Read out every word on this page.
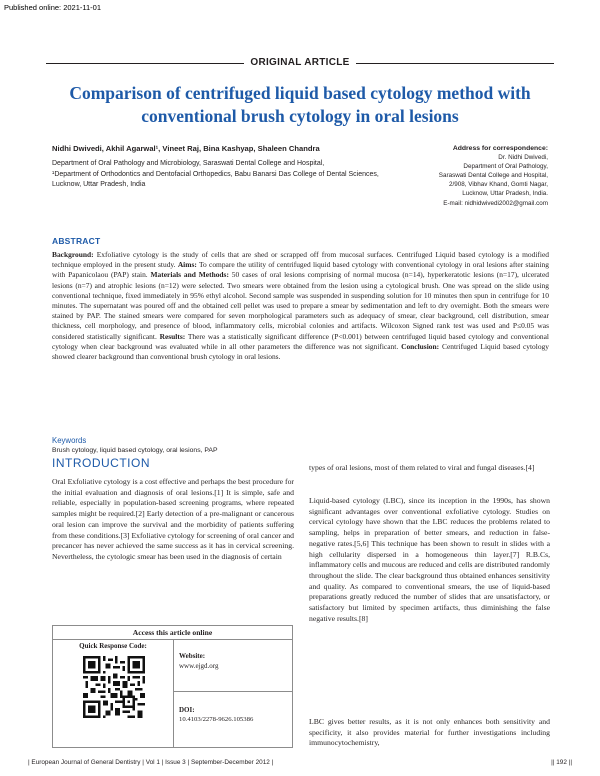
Published online: 2021-11-01
ORIGINAL ARTICLE
Comparison of centrifuged liquid based cytology method with conventional brush cytology in oral lesions
Nidhi Dwivedi, Akhil Agarwal¹, Vineet Raj, Bina Kashyap, Shaleen Chandra
Department of Oral Pathology and Microbiology, Saraswati Dental College and Hospital,
¹Department of Orthodontics and Dentofacial Orthopedics, Babu Banarsi Das College of Dental Sciences, Lucknow, Uttar Pradesh, India
Address for correspondence:
Dr. Nidhi Dwivedi,
Department of Oral Pathology,
Saraswati Dental College and Hospital,
2/908, Vibhav Khand, Gomti Nagar,
Lucknow, Uttar Pradesh, India.
E-mail: nidhidwivedi2002@gmail.com
ABSTRACT
Background: Exfoliative cytology is the study of cells that are shed or scrapped off from mucosal surfaces. Centrifuged Liquid based cytology is a modified technique employed in the present study. Aims: To compare the utility of centrifuged liquid based cytology with conventional cytology in oral lesions after staining with Papanicolaou (PAP) stain. Materials and Methods: 50 cases of oral lesions comprising of normal mucosa (n=14), hyperkeratotic lesions (n=17), ulcerated lesions (n=7) and atrophic lesions (n=12) were selected. Two smears were obtained from the lesion using a cytological brush. One was spread on the slide using conventional technique, fixed immediately in 95% ethyl alcohol. Second sample was suspended in suspending solution for 10 minutes then spun in centrifuge for 10 minutes. The supernatant was poured off and the obtained cell pellet was used to prepare a smear by sedimentation and left to dry overnight. Both the smears were stained by PAP. The stained smears were compared for seven morphological parameters such as adequacy of smear, clear background, cell distribution, smear thickness, cell morphology, and presence of blood, inflammatory cells, microbial colonies and artifacts. Wilcoxon Signed rank test was used and P≤0.05 was considered statistically significant. Results: There was a statistically significant difference (P<0.001) between centrifuged liquid based cytology and conventional cytology when clear background was evaluated while in all other parameters the difference was not significant. Conclusion: Centrifuged Liquid based cytology showed clearer background than conventional brush cytology in oral lesions.
Keywords
Brush cytology, liquid based cytology, oral lesions, PAP
INTRODUCTION
Oral Exfoliative cytology is a cost effective and perhaps the best procedure for the initial evaluation and diagnosis of oral lesions.[1] It is simple, safe and reliable, especially in population-based screening programs, where repeated samples might be required.[2] Early detection of a pre-malignant or cancerous oral lesion can improve the survival and the morbidity of patients suffering from these conditions.[3] Exfoliative cytology for screening of oral cancer and precancer has never achieved the same success as it has in cervical screening. Nevertheless, the cytologic smear has been used in the diagnosis of certain
types of oral lesions, most of them related to viral and fungal diseases.[4]
Liquid-based cytology (LBC), since its inception in the 1990s, has shown significant advantages over conventional exfoliative cytology. Studies on cervical cytology have shown that the LBC reduces the problems related to sampling, helps in preparation of better smears, and reduction in false-negative rates.[5,6] This technique has been shown to result in slides with a high cellularity dispersed in a homogeneous thin layer.[7] R.B.Cs, inflammatory cells and mucous are reduced and cells are distributed randomly throughout the slide. The clear background thus obtained enhances sensitivity and quality. As compared to conventional smears, the use of liquid-based preparations greatly reduced the number of slides that are unsatisfactory, or satisfactory but limited by specimen artifacts, thus diminishing the false negative results.[8]
LBC gives better results, as it is not only enhances both sensitivity and specificity, it also provides material for further investigations including immunocytochemistry,
Access this article online
Quick Response Code:
Website:
www.ejgd.org
DOI:
10.4103/2278-9626.105386
| European Journal of General Dentistry | Vol 1 | Issue 3 | September-December 2012 |	|| 192 ||
